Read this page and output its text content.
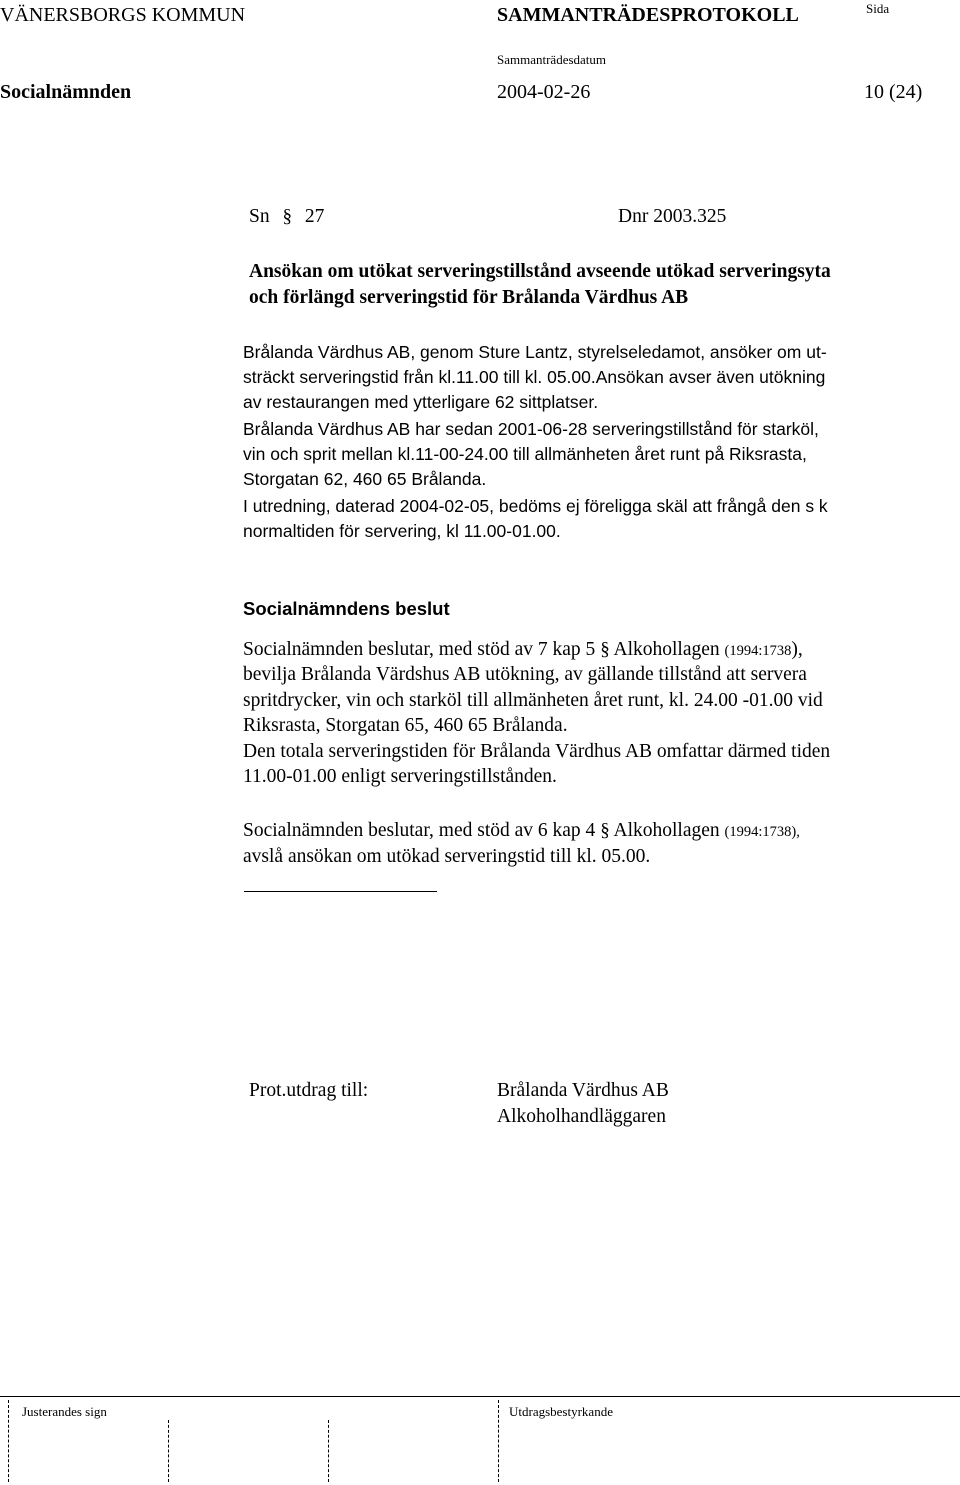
VÄNERSBORGS KOMMUN	SAMMANTRÄDESPROTOKOLL	Sida
Sammanträdesdatum
Socialnämnden	2004-02-26	10 (24)
Sn § 27	Dnr 2003.325
Ansökan om utökat serveringstillstånd avseende utökad serveringsyta
och förlängd serveringstid för Brålanda Värdhus AB
Brålanda Värdhus AB, genom Sture Lantz, styrelseledamot, ansöker om ut-
sträckt serveringstid från kl.11.00 till kl. 05.00.Ansökan avser även utökning
av restaurangen med ytterligare 62 sittplatser.
Brålanda Värdhus AB har sedan 2001-06-28 serveringstillstånd för starköl,
vin och sprit mellan kl.11-00-24.00 till allmänheten året runt på Riksrasta,
Storgatan 62, 460 65 Brålanda.
I utredning, daterad 2004-02-05, bedöms ej föreligga skäl att frångå den s k
normaltiden för servering, kl 11.00-01.00.
Socialnämndens beslut
Socialnämnden beslutar, med stöd av 7 kap 5 § Alkohollagen (1994:1738),
bevilja Brålanda Värdshus AB utökning, av gällande tillstånd att servera
spritdrycker, vin och starköl till allmänheten året runt, kl. 24.00 -01.00 vid
Riksrasta, Storgatan 65, 460 65 Brålanda.
Den totala serveringstiden för Brålanda Värdhus AB omfattar därmed tiden
11.00-01.00 enligt serveringstillstånden.
Socialnämnden beslutar, med stöd av 6 kap 4 § Alkohollagen (1994:1738),
avslå ansökan om utökad serveringstid till kl. 05.00.
Prot.utdrag till:	Brålanda Värdhus AB
Alkoholhandläggaren
Justerandes sign	Utdragsbestyrkande
